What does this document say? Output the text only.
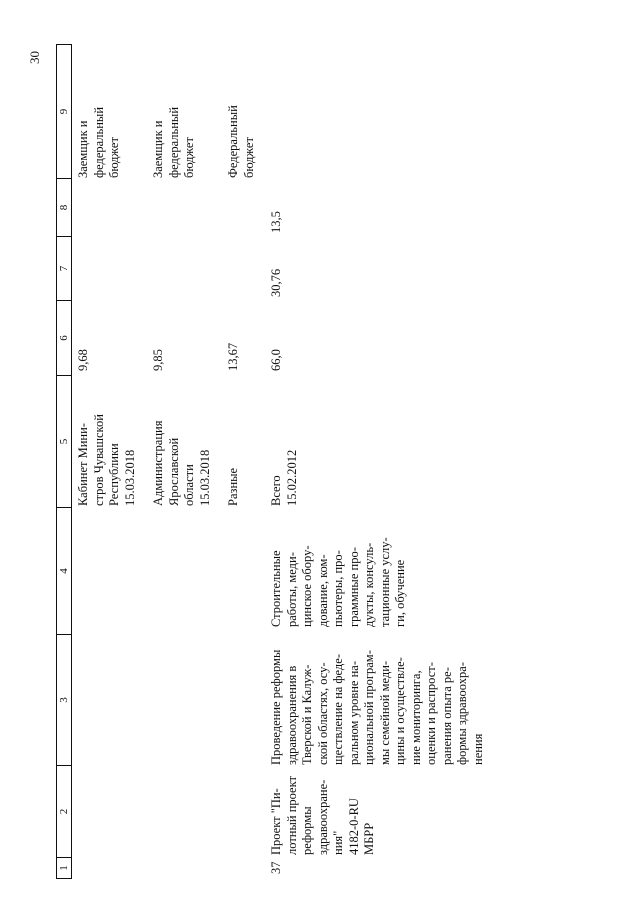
30
1
2
3
4
5
6
7
8
9
37
Проект "Пи- лотный проект реформы здравоохране- ния" 4182-0-RU МБРР
Проведение реформы здравоохранения в Тверской и Калуж- ской областях, осу- ществление на феде- ральном уровне на- циональной програм- мы семейной меди- цины и осуществле- ние мониторинга, оценки и распрост- ранения опыта ре- формы здравоохра- нения
Строительные работы, меди- цинское обору- дование, ком- пьютеры, про- граммные про- дукты, консуль- тационные услу- ги, обучение
Кабинет Мини- стров Чувашской Республики 15.03.2018
9,68
Заемщик и федеральный бюджет
Администрация Ярославской области 15.03.2018
9,85
Заемщик и федеральный бюджет
Разные
13,67
Федеральный бюджет
Всего 15.02.2012
66,0
30,76
13,5
